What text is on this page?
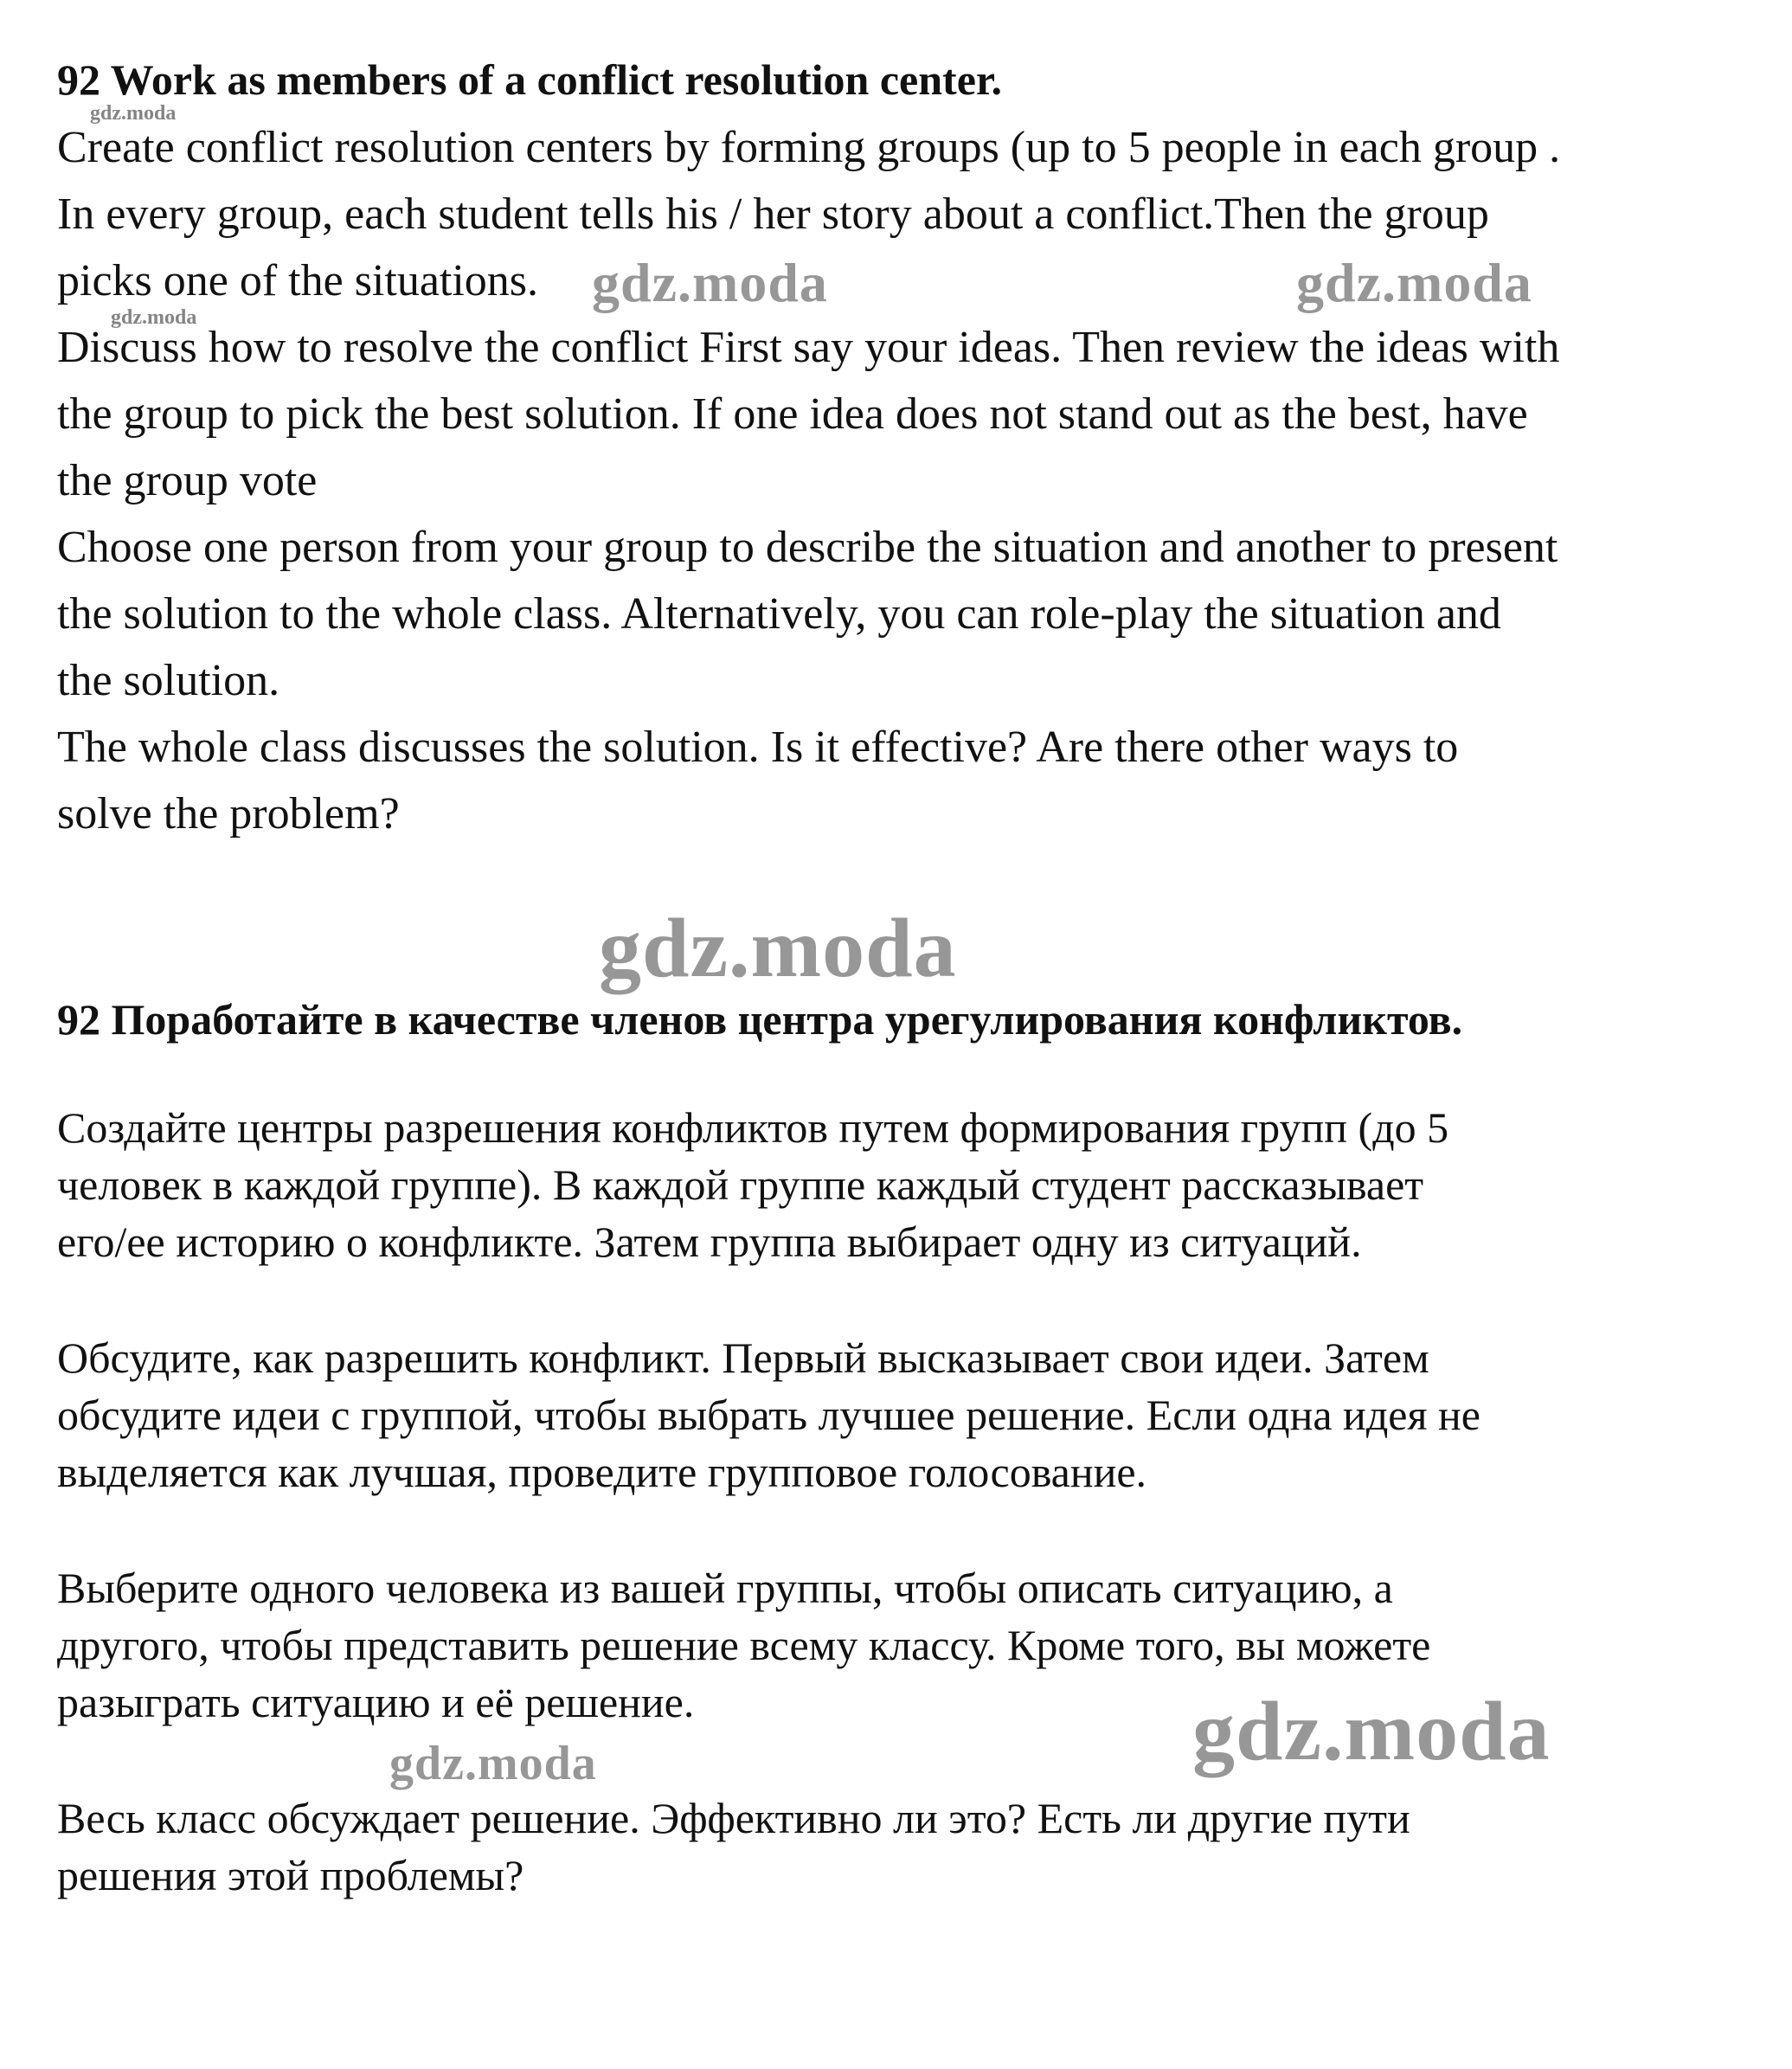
92 Work as members of a conflict resolution center.

Create conflict resolution centers by forming groups (up to 5 people in each group .

In every group, each student tells his / her story about a conflict.Then the group

picks one of the situations.

Discuss how to resolve the conflict First say your ideas. Then review the ideas with

the group to pick the best solution. If one idea does not stand out as the best, have

the group vote

Choose one person from your group to describe the situation and another to present

the solution to the whole class. Alternatively, you can role-play the situation and

the solution.

The whole class discusses the solution. Is it effective? Are there other ways to

solve the problem?

92 Поработайте в качестве членов центра урегулирования конфликтов.

Создайте центры разрешения конфликтов путем формирования групп (до 5

человек в каждой группе). В каждой группе каждый студент рассказывает

его/ее историю о конфликте. Затем группа выбирает одну из ситуаций.

Обсудите, как разрешить конфликт. Первый высказывает свои идеи. Затем

обсудите идеи с группой, чтобы выбрать лучшее решение. Если одна идея не

выделяется как лучшая, проведите групповое голосование.

Выберите одного человека из вашей группы, чтобы описать ситуацию, а

другого, чтобы представить решение всему классу. Кроме того, вы можете

разыграть ситуацию и её решение.

Весь класс обсуждает решение. Эффективно ли это? Есть ли другие пути

решения этой проблемы?

gdz.moda
gdz.moda	gdz.moda
gdz.moda
gdz.moda
gdz.moda
gdz.moda
